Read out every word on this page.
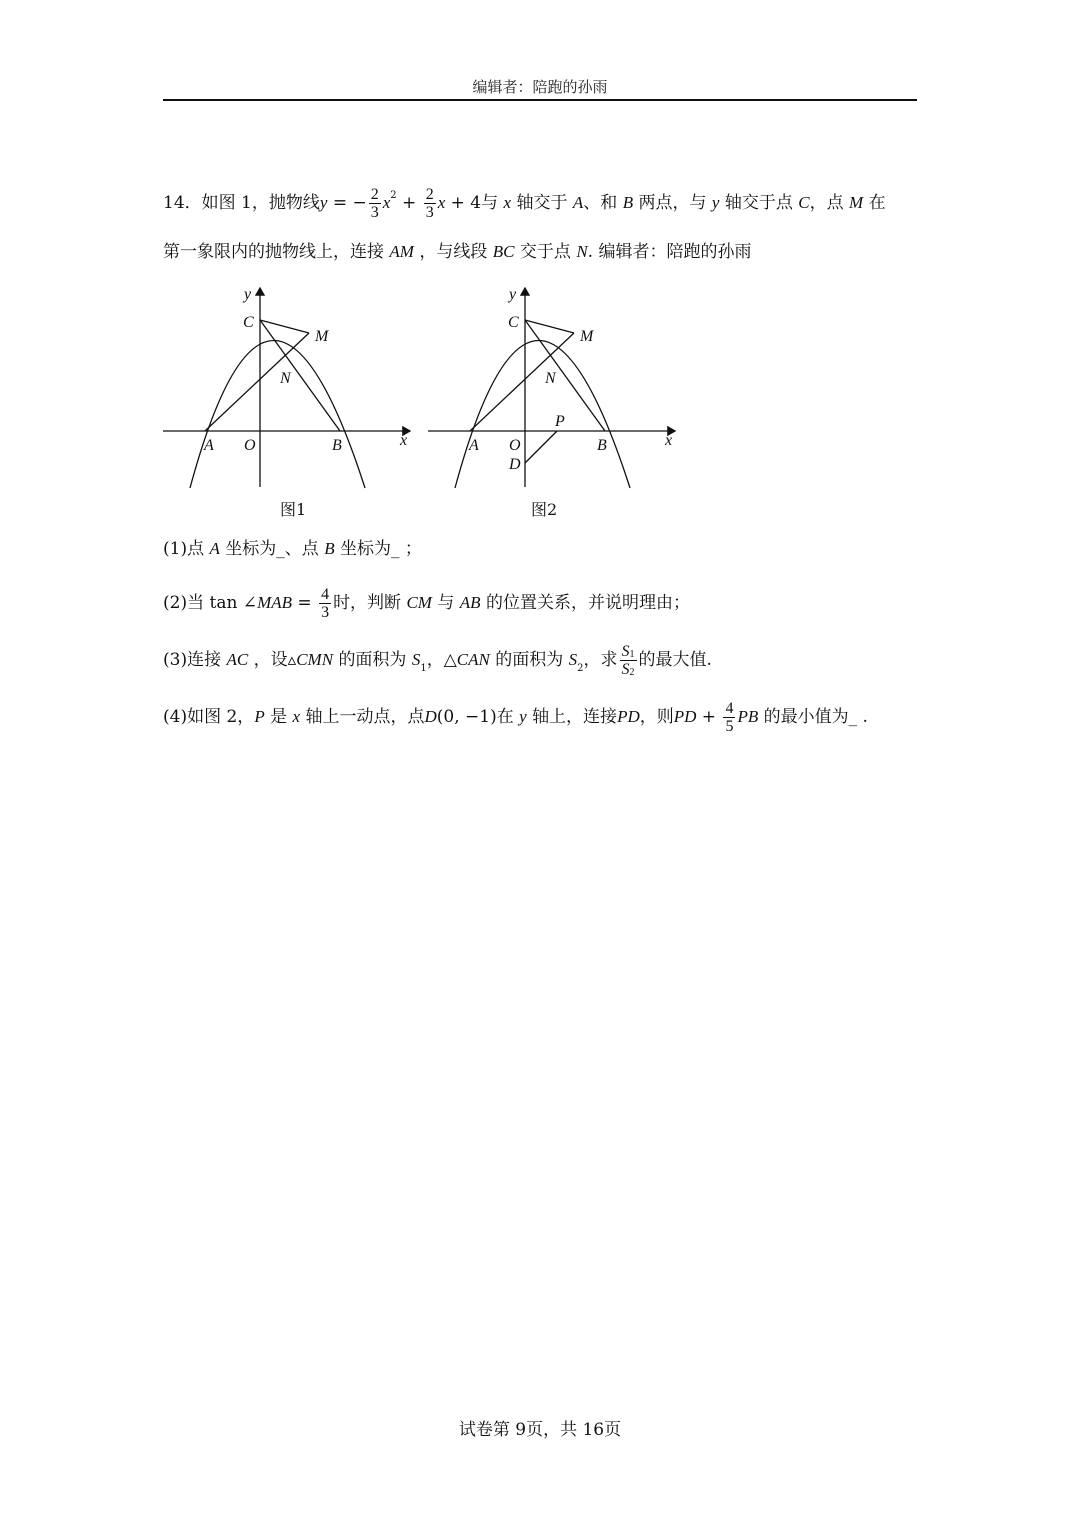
编辑者：陪跑的孙雨
14．如图 1，抛物线y = − $\frac{2}{3} x^2 + \frac{2}{3}$ x + 4与 x 轴交于 A、和 B 两点，与 y 轴交于点 C，点 M 在
第一象限内的抛物线上，连接 AM ，与线段 BC 交于点 N. 编辑者：陪跑的孙雨
y
C
M
N
A O	B	x
y
C
M
N
P
A O	B
D
x
图1	图2
(1)点 A 坐标为_、点 B 坐标为_ ；
(2)当 tan ∠MAB = $\frac{4}{3}$ 时，判断 CM 与 AB 的位置关系，并说明理由；
(3)连接 AC ，设▵CMN 的面积为 $S_1$，△CAN 的面积为 $S_2$，求 $\frac{S_1}{S_2}$ 的最大值.
(4)如图 2，P 是 x 轴上一动点，点D(0, −1)在 y 轴上，连接PD，则PD + $\frac{4}{5}$ PB 的最小值为_ .
试卷第 9页，共 16页
